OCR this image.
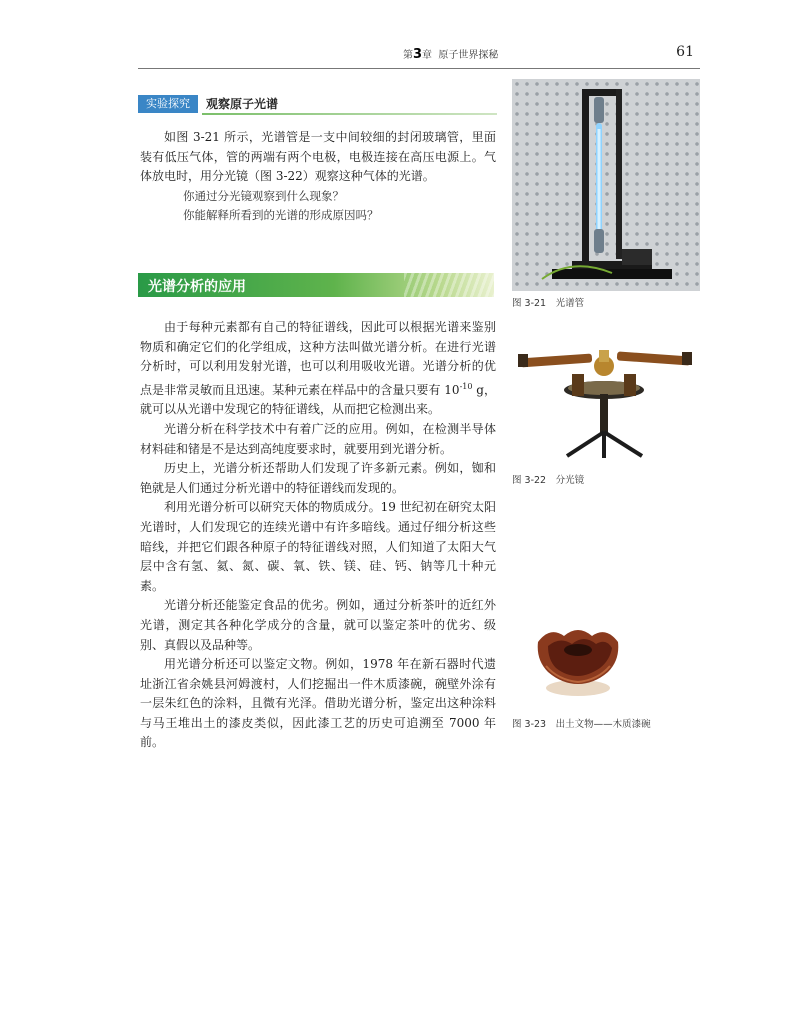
第3章 原子世界探秘	61
实验探究	观察原子光谱

如图 3-21 所示，光谱管是一支中间较细的封闭玻璃管，里面装有低压气体，管的两端有两个电极，电极连接在高压电源上。气体放电时，用分光镜（图 3-22）观察这种气体的光谱。

你通过分光镜观察到什么现象？

你能解释所看到的光谱的形成原因吗？

光谱分析的应用

由于每种元素都有自己的特征谱线，因此可以根据光谱来鉴别物质和确定它们的化学组成，这种方法叫做光谱分析。在进行光谱分析时，可以利用发射光谱，也可以利用吸收光谱。光谱分析的优点是非常灵敏而且迅速。某种元素在样品中的含量只要有 $10^{-10}$ g，就可以从光谱中发现它的特征谱线，从而把它检测出来。

光谱分析在科学技术中有着广泛的应用。例如，在检测半导体材料硅和锗是不是达到高纯度要求时，就要用到光谱分析。

历史上，光谱分析还帮助人们发现了许多新元素。例如，铷和铯就是人们通过分析光谱中的特征谱线而发现的。

利用光谱分析可以研究天体的物质成分。19 世纪初在研究太阳光谱时，人们发现它的连续光谱中有许多暗线。通过仔细分析这些暗线，并把它们跟各种原子的特征谱线对照，人们知道了太阳大气层中含有氢、氦、氮、碳、氧、铁、镁、硅、钙、钠等几十种元素。

光谱分析还能鉴定食品的优劣。例如，通过分析茶叶的近红外光谱，测定其各种化学成分的含量，就可以鉴定茶叶的优劣、级别、真假以及品种等。

用光谱分析还可以鉴定文物。例如，1978 年在新石器时代遗址浙江省余姚县河姆渡村，人们挖掘出一件木质漆碗，碗壁外涂有一层朱红色的涂料，且微有光泽。借助光谱分析，鉴定出这种涂料与马王堆出土的漆皮类似，因此漆工艺的历史可追溯至 7000 年前。

图 3-21　光谱管
图 3-22　分光镜
图 3-23　出土文物——木质漆碗
